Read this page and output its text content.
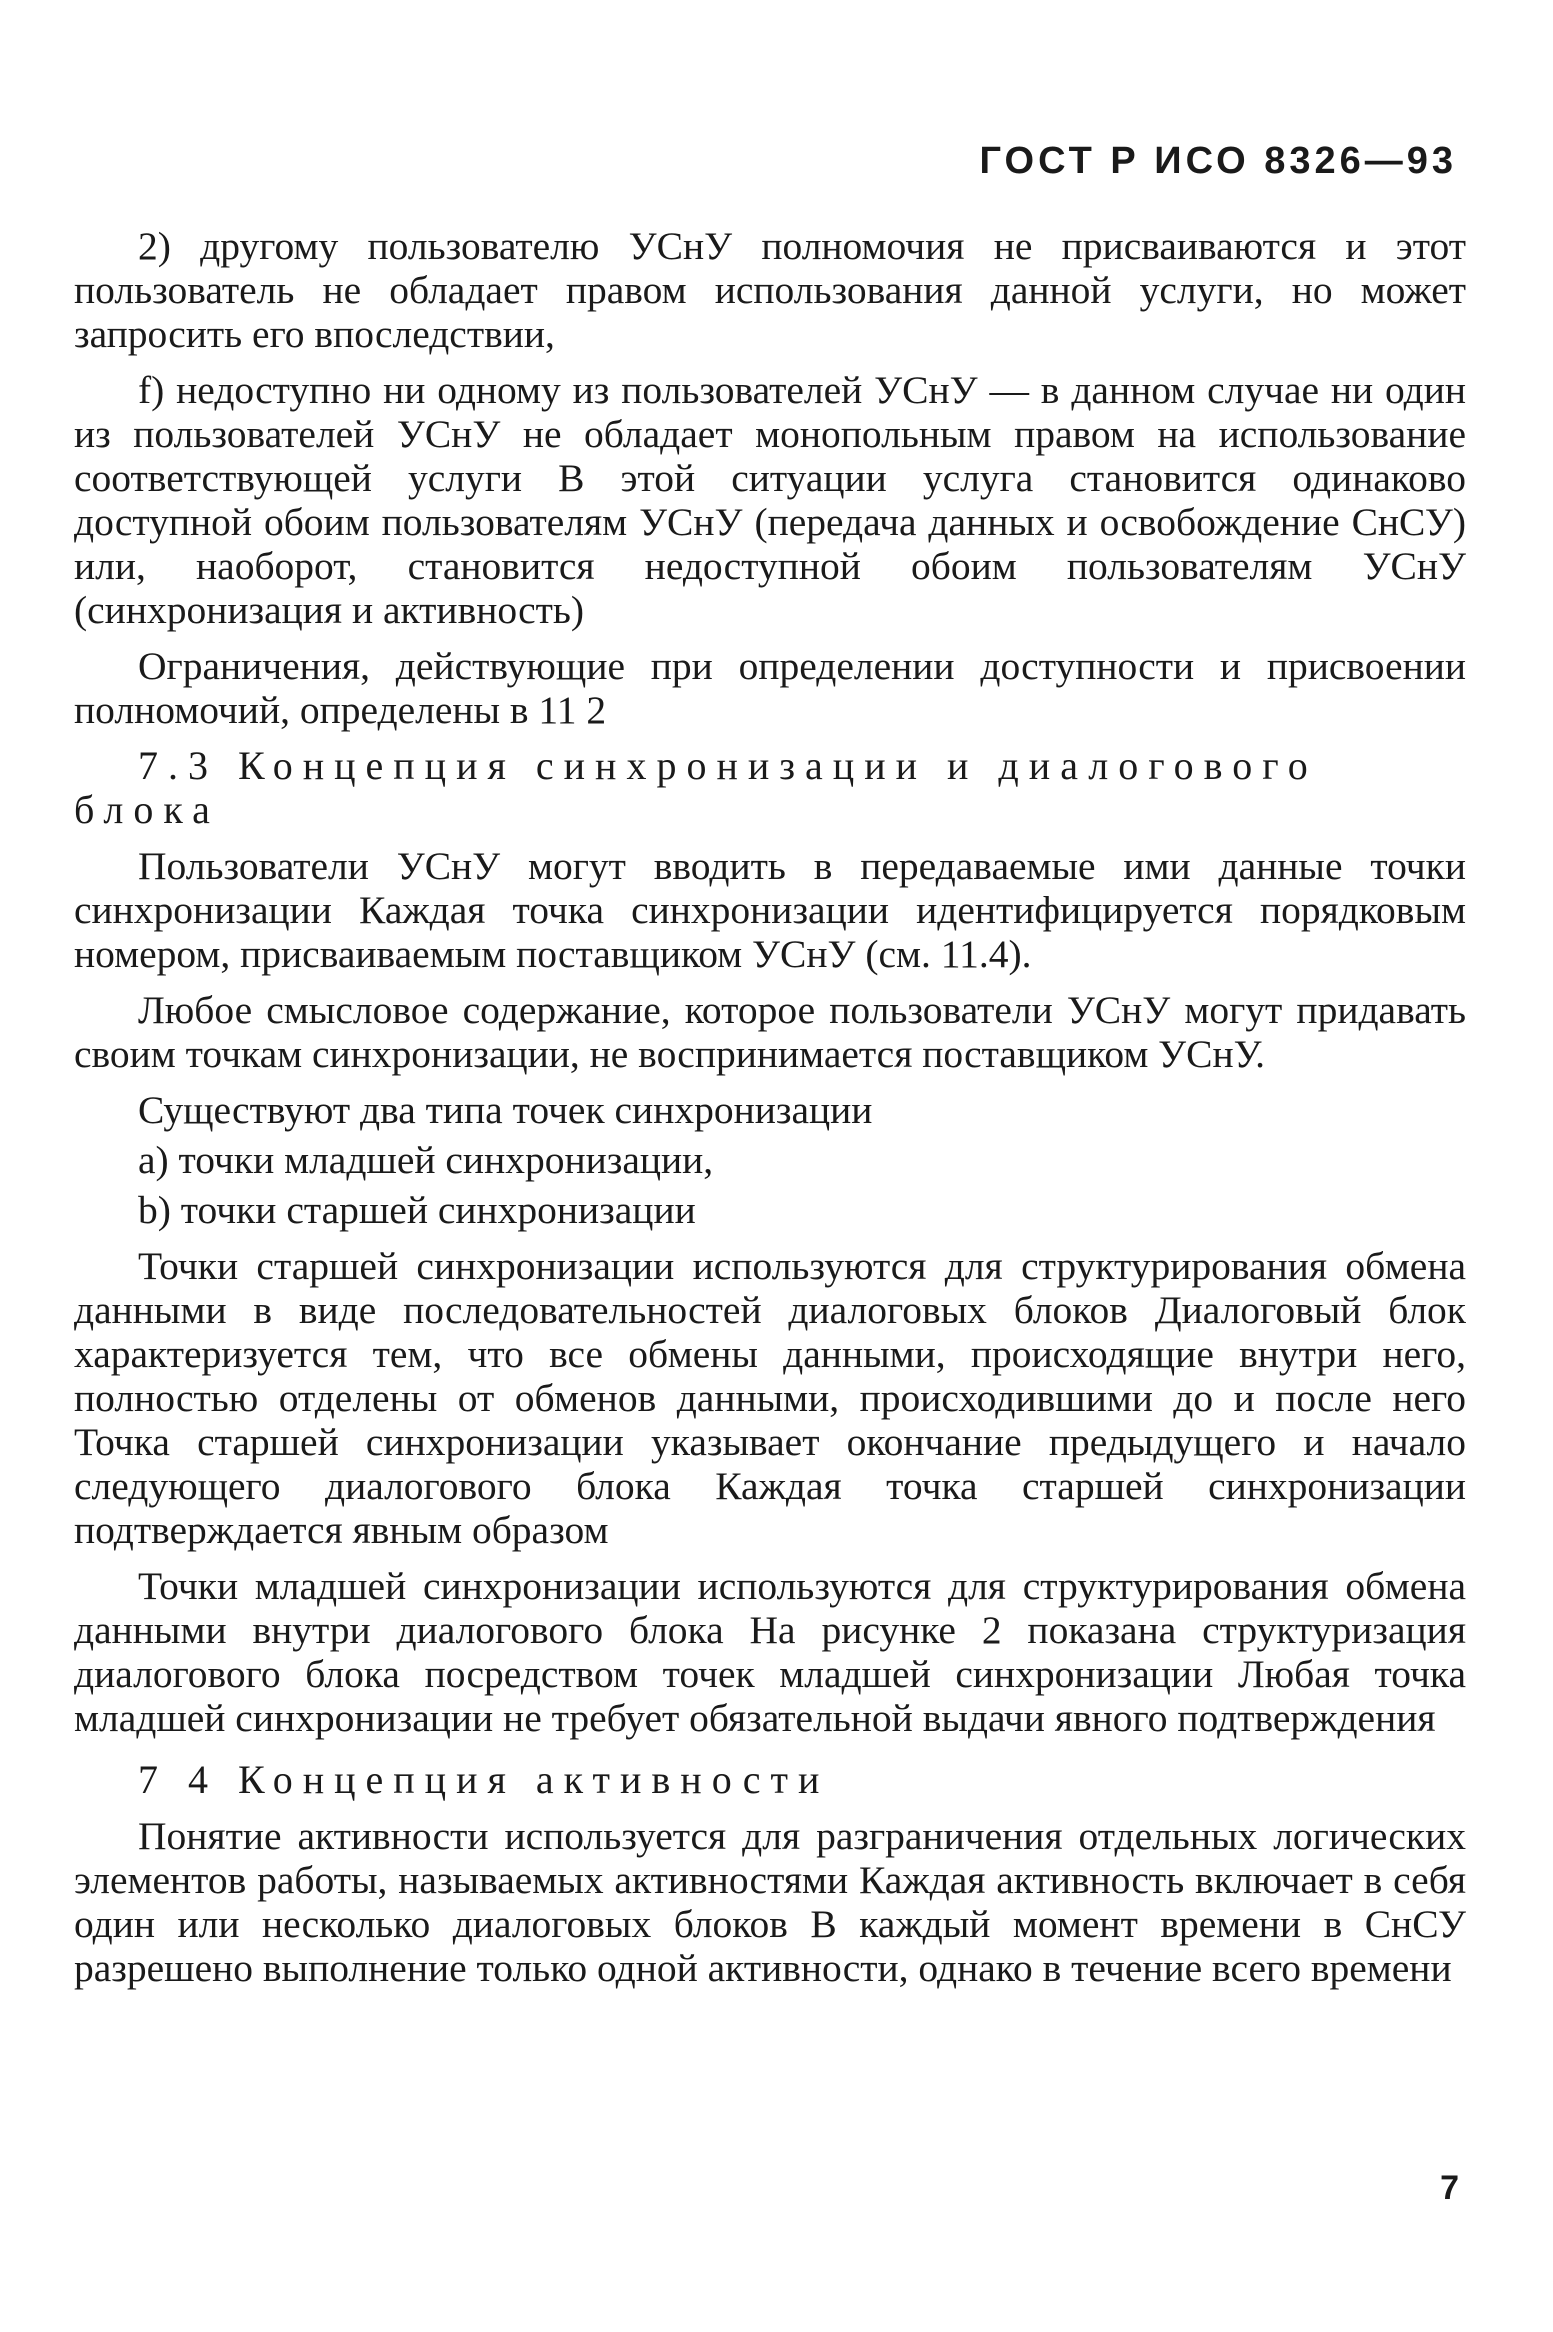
ГОСТ Р ИСО 8326—93

2) другому пользователю УСнУ полномочия не присваиваются и этот пользователь не обладает правом использования данной услуги, но может запросить его впоследствии,

f) недоступно ни одному из пользователей УСнУ — в данном случае ни один из пользователей УСнУ не обладает монопольным правом на использование соответствующей услуги В этой ситуации услуга становится одинаково доступной обоим пользователям УСнУ (передача данных и освобождение СнСУ) или, наоборот, становится недоступной обоим пользователям УСнУ (синхронизация и активность)

Ограничения, действующие при определении доступности и присвоении полномочий, определены в 11 2

7.3 Концепция синхронизации и диалогового блока

Пользователи УСнУ могут вводить в передаваемые ими данные точки синхронизации Каждая точка синхронизации идентифицируется порядковым номером, присваиваемым поставщиком УСнУ (см. 11.4).

Любое смысловое содержание, которое пользователи УСнУ могут придавать своим точкам синхронизации, не воспринимается поставщиком УСнУ.

Существуют два типа точек синхронизации

a) точки младшей синхронизации,

b) точки старшей синхронизации

Точки старшей синхронизации используются для структурирования обмена данными в виде последовательностей диалоговых блоков Диалоговый блок характеризуется тем, что все обмены данными, происходящие внутри него, полностью отделены от обменов данными, происходившими до и после него Точка старшей синхронизации указывает окончание предыдущего и начало следующего диалогового блока Каждая точка старшей синхронизации подтверждается явным образом

Точки младшей синхронизации используются для структурирования обмена данными внутри диалогового блока На рисунке 2 показана структуризация диалогового блока посредством точек младшей синхронизации Любая точка младшей синхронизации не требует обязательной выдачи явного подтверждения

7 4 Концепция активности

Понятие активности используется для разграничения отдельных логических элементов работы, называемых активностями Каждая активность включает в себя один или несколько диалоговых блоков В каждый момент времени в СнСУ разрешено выполнение только одной активности, однако в течение всего времени

7
